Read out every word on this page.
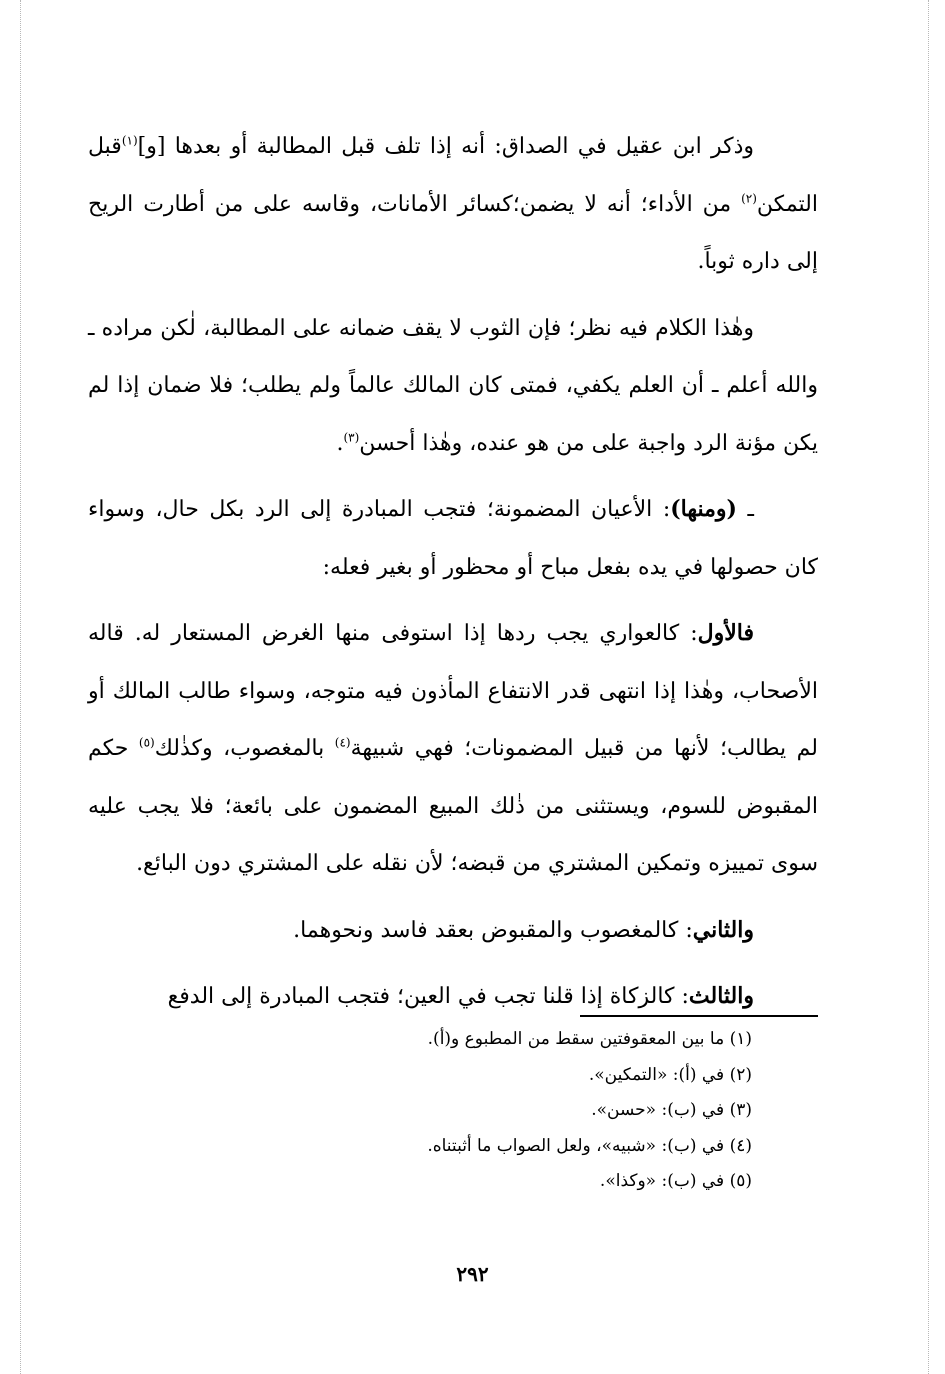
وذكر ابن عقيل في الصداق: أنه إذا تلف قبل المطالبة أو بعدها [و]$^{(١)}$قبل التمكن$^{(٢)}$ من الأداء؛ أنه لا يضمن؛كسائر الأمانات، وقاسه على من أطارت الريح إلى داره ثوباً.

وهٰذا الكلام فيه نظر؛ فإن الثوب لا يقف ضمانه على المطالبة، لٰكن مراده ـ والله أعلم ـ أن العلم يكفي، فمتى كان المالك عالماً ولم يطلب؛ فلا ضمان إذا لم يكن مؤنة الرد واجبة على من هو عنده، وهٰذا أحسن$^{(٣)}$.

ـ (ومنها): الأعيان المضمونة؛ فتجب المبادرة إلى الرد بكل حال، وسواء كان حصولها في يده بفعل مباح أو محظور أو بغير فعله:

فالأول: كالعواري يجب ردها إذا استوفى منها الغرض المستعار له. قاله الأصحاب، وهٰذا إذا انتهى قدر الانتفاع المأذون فيه متوجه، وسواء طالب المالك أو لم يطالب؛ لأنها من قبيل المضمونات؛ فهي شبيهة$^{(٤)}$ بالمغصوب، وكذٰلك$^{(٥)}$ حكم المقبوض للسوم، ويستثنى من ذٰلك المبيع المضمون على بائعة؛ فلا يجب عليه سوى تمييزه وتمكين المشتري من قبضه؛ لأن نقله على المشتري دون البائع.

والثاني: كالمغصوب والمقبوض بعقد فاسد ونحوهما.

والثالث: كالزكاة إذا قلنا تجب في العين؛ فتجب المبادرة إلى الدفع

(١) ما بين المعقوفتين سقط من المطبوع و(أ).
(٢) في (أ): «التمكين».
(٣) في (ب): «حسن».
(٤) في (ب): «شبيه»، ولعل الصواب ما أثبتناه.
(٥) في (ب): «وكذا».
٢٩٢
